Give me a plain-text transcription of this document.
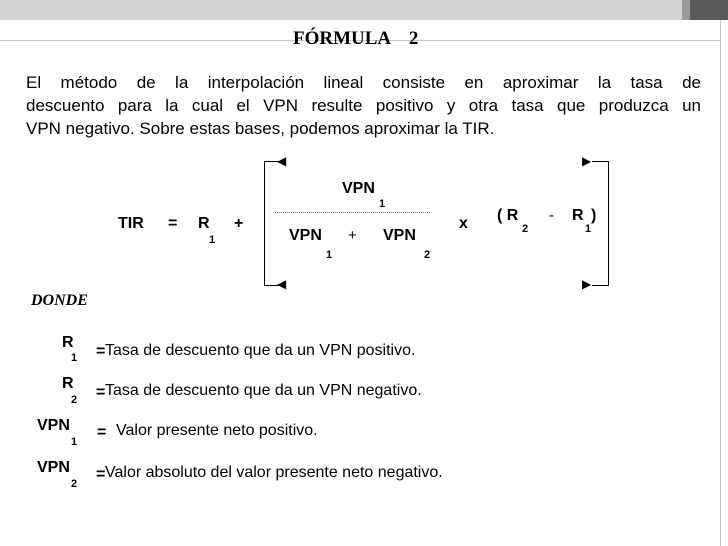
FÓRMULA 2
El método de la interpolación lineal consiste en aproximar la tasa de
descuento para la cual el VPN resulte positivo y otra tasa que produzca un
VPN negativo. Sobre estas bases, podemos aproximar la TIR.
◀
◀
▶
▶
TIR = R
1
+
VPN
1
VPN
1
+ VPN
2
x ( R
2
- R )
1
DONDE
R
1 = Tasa de descuento que da un VPN positivo.
R
2 = Tasa de descuento que da un VPN negativo.
VPN
1
= Valor presente neto positivo.
VPN
2
= Valor absoluto del valor presente neto negativo.
